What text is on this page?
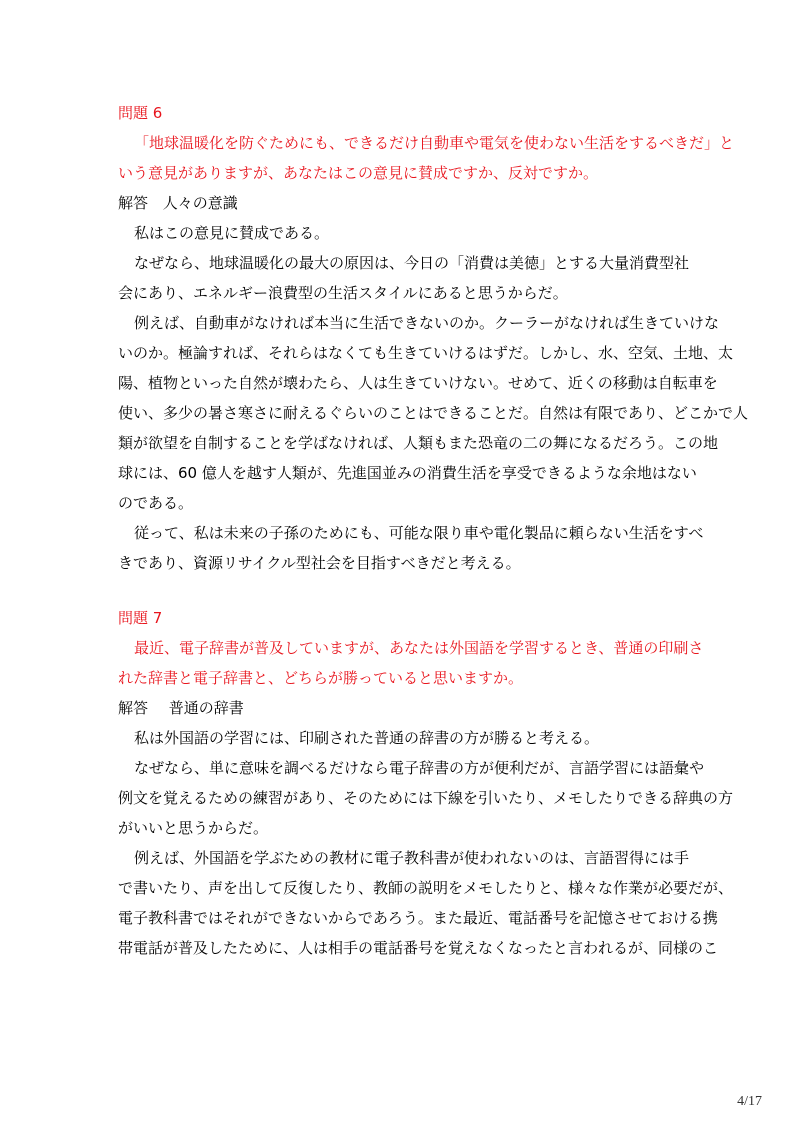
問題 6
「地球温暖化を防ぐためにも、できるだけ自動車や電気を使わない生活をするべきだ」と
いう意見がありますが、あなたはこの意見に賛成ですか、反対ですか。
解答 人々の意識
私はこの意見に賛成である。
なぜなら、地球温暖化の最大の原因は、今日の「消費は美徳」とする大量消費型社
会にあり、エネルギー浪費型の生活スタイルにあると思うからだ。
例えば、自動車がなければ本当に生活できないのか。クーラーがなければ生きていけな
いのか。極論すれば、それらはなくても生きていけるはずだ。しかし、水、空気、土地、太
陽、植物といった自然が壊わたら、人は生きていけない。せめて、近くの移動は自転車を
使い、多少の暑さ寒さに耐えるぐらいのことはできることだ。自然は有限であり、どこかで人
類が欲望を自制することを学ばなければ、人類もまた恐竜の二の舞になるだろう。この地
球には、60 億人を越す人類が、先進国並みの消費生活を享受できるような余地はない
のである。
従って、私は未来の子孫のためにも、可能な限り車や電化製品に頼らない生活をすべ
きであり、資源リサイクル型社会を目指すべきだと考える。
問題 7
最近、電子辞書が普及していますが、あなたは外国語を学習するとき、普通の印刷さ
れた辞書と電子辞書と、どちらが勝っていると思いますか。
解答 普通の辞書
私は外国語の学習には、印刷された普通の辞書の方が勝ると考える。
なぜなら、単に意味を調べるだけなら電子辞書の方が便利だが、言語学習には語彙や
例文を覚えるための練習があり、そのためには下線を引いたり、メモしたりできる辞典の方
がいいと思うからだ。
例えば、外国語を学ぶための教材に電子教科書が使われないのは、言語習得には手
で書いたり、声を出して反復したり、教師の説明をメモしたりと、様々な作業が必要だが、
電子教科書ではそれができないからであろう。また最近、電話番号を記憶させておける携
帯電話が普及したために、人は相手の電話番号を覚えなくなったと言われるが、同様のこ
4/17
